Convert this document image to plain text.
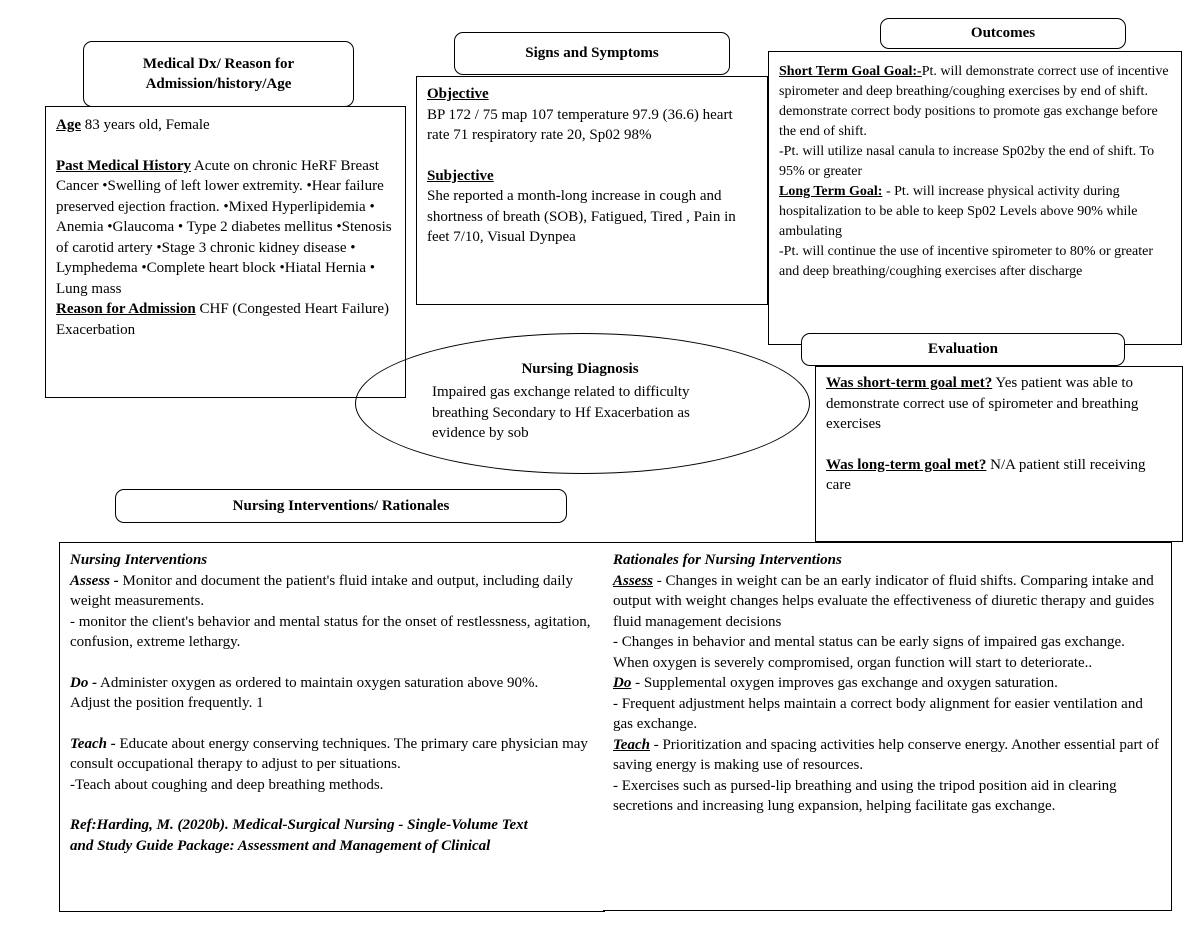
Medical Dx/ Reason for Admission/history/Age

Age 83 years old, Female

Past Medical History Acute on chronic HeRF Breast Cancer •Swelling of left lower extremity. •Hear failure preserved ejection fraction. •Mixed Hyperlipidemia • Anemia •Glaucoma • Type 2 diabetes mellitus •Stenosis of carotid artery •Stage 3 chronic kidney disease • Lymphedema •Complete heart block •Hiatal Hernia • Lung mass

Reason for Admission CHF (Congested Heart Failure) Exacerbation

Signs and Symptoms

Objective

BP 172 / 75 map 107 temperature 97.9 (36.6) heart rate 71 respiratory rate 20, Sp02 98%

Subjective

She reported a month-long increase in cough and shortness of breath (SOB), Fatigued, Tired , Pain in feet 7/10, Visual Dynpea

Outcomes

Short Term Goal Goal:-Pt. will demonstrate correct use of incentive spirometer and deep breathing/coughing exercises by end of shift. demonstrate correct body positions to promote gas exchange before the end of shift.

-Pt. will utilize nasal canula to increase Sp02by the end of shift. To 95% or greater

Long Term Goal: - Pt. will increase physical activity during hospitalization to be able to keep Sp02 Levels above 90% while ambulating

-Pt. will continue the use of incentive spirometer to 80% or greater and deep breathing/coughing exercises after discharge

Nursing Diagnosis
Impaired gas exchange related to difficulty breathing Secondary to Hf Exacerbation as evidence by sob
Evaluation

Was short-term goal met? Yes patient was able to demonstrate correct use of spirometer and breathing exercises

Was long-term goal met? N/A patient still receiving care

Nursing Interventions/ Rationales

Nursing Interventions

Assess - Monitor and document the patient's fluid intake and output, including daily weight measurements.

- monitor the client's behavior and mental status for the onset of restlessness, agitation, confusion, extreme lethargy.

Do - Administer oxygen as ordered to maintain oxygen saturation above 90%.

Adjust the position frequently. 1

Teach - Educate about energy conserving techniques. The primary care physician may consult occupational therapy to adjust to per situations.

-Teach about coughing and deep breathing methods.

Ref:Harding, M. (2020b). Medical-Surgical Nursing - Single-Volume Text and Study Guide Package: Assessment and Management of Clinical

Rationales for Nursing Interventions

Assess - Changes in weight can be an early indicator of fluid shifts. Comparing intake and output with weight changes helps evaluate the effectiveness of diuretic therapy and guides fluid management decisions

- Changes in behavior and mental status can be early signs of impaired gas exchange. When oxygen is severely compromised, organ function will start to deteriorate..

Do - Supplemental oxygen improves gas exchange and oxygen saturation.

- Frequent adjustment helps maintain a correct body alignment for easier ventilation and gas exchange.

Teach - Prioritization and spacing activities help conserve energy. Another essential part of saving energy is making use of resources.

- Exercises such as pursed-lip breathing and using the tripod position aid in clearing secretions and increasing lung expansion, helping facilitate gas exchange.
